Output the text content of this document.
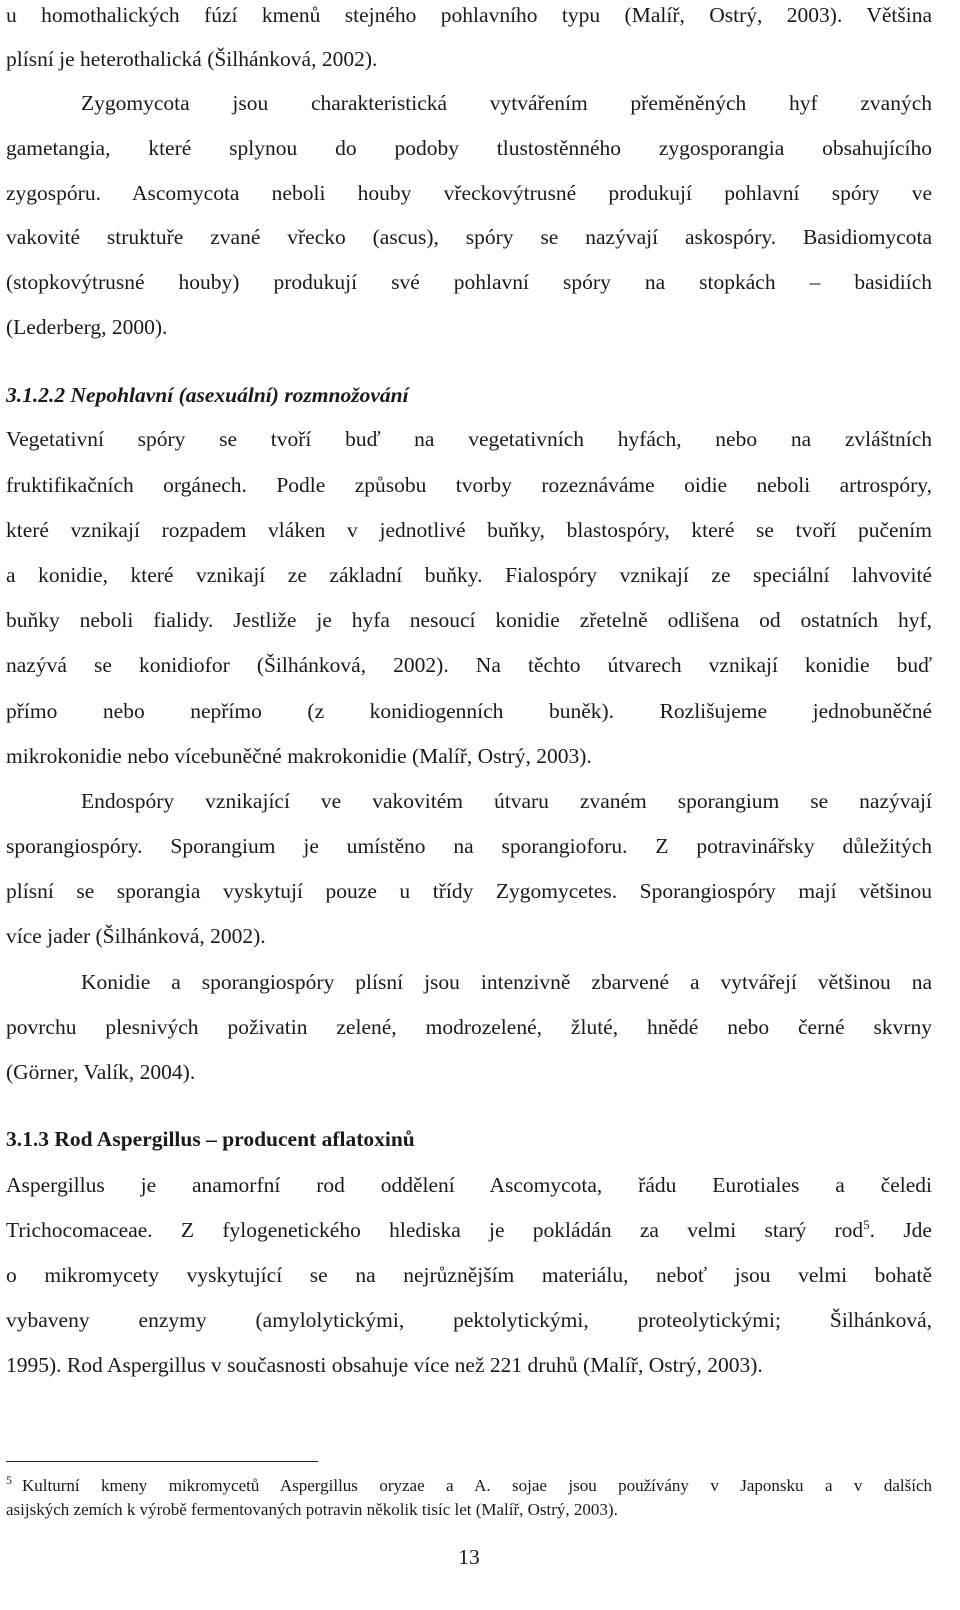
u homothalických fúzí kmenů stejného pohlavního typu (Malíř, Ostrý, 2003). Většina
plísní je heterothalická (Šilhánková, 2002).
Zygomycota jsou charakteristická vytvářením přeměněných hyf zvaných
gametangia, které splynou do podoby tlustostěnného zygosporangia obsahujícího
zygospóru. Ascomycota neboli houby vřeckovýtrusné produkují pohlavní spóry ve
vakovité struktuře zvané vřecko (ascus), spóry se nazývají askospóry. Basidiomycota
(stopkovýtrusné houby) produkují své pohlavní spóry na stopkách – basidiích
(Lederberg, 2000).
3.1.2.2 Nepohlavní (asexuální) rozmnožování
Vegetativní spóry se tvoří buď na vegetativních hyfách, nebo na zvláštních
fruktifikačních orgánech. Podle způsobu tvorby rozeznáváme oidie neboli artrospóry,
které vznikají rozpadem vláken v jednotlivé buňky, blastospóry, které se tvoří pučením
a konidie, které vznikají ze základní buňky. Fialospóry vznikají ze speciální lahvovité
buňky neboli fialidy. Jestliže je hyfa nesoucí konidie zřetelně odlišena od ostatních hyf,
nazývá se konidiofor (Šilhánková, 2002). Na těchto útvarech vznikají konidie buď
přímo nebo nepřímo (z konidiogenních buněk). Rozlišujeme jednobuněčné
mikrokonidie nebo vícebuněčné makrokonidie (Malíř, Ostrý, 2003).
Endospóry vznikající ve vakovitém útvaru zvaném sporangium se nazývají
sporangiospóry. Sporangium je umístěno na sporangioforu. Z potravinářsky důležitých
plísní se sporangia vyskytují pouze u třídy Zygomycetes. Sporangiospóry mají většinou
více jader (Šilhánková, 2002).
Konidie a sporangiospóry plísní jsou intenzivně zbarvené a vytvářejí většinou na
povrchu plesnivých poživatin zelené, modrozelené, žluté, hnědé nebo černé skvrny
(Görner, Valík, 2004).
3.1.3 Rod Aspergillus – producent aflatoxinů
Aspergillus je anamorfní rod oddělení Ascomycota, řádu Eurotiales a čeledi
Trichocomaceae. Z fylogenetického hlediska je pokládán za velmi starý rod$^5$. Jde
o mikromycety vyskytující se na nejrůznějším materiálu, neboť jsou velmi bohatě
vybaveny enzymy (amylolytickými, pektolytickými, proteolytickými; Šilhánková,
1995). Rod Aspergillus v současnosti obsahuje více než 221 druhů (Malíř, Ostrý, 2003).
$^5$ Kulturní kmeny mikromycetů Aspergillus oryzae a A. sojae jsou používány v Japonsku a v dalších
asijských zemích k výrobě fermentovaných potravin několik tisíc let (Malíř, Ostrý, 2003).
13
